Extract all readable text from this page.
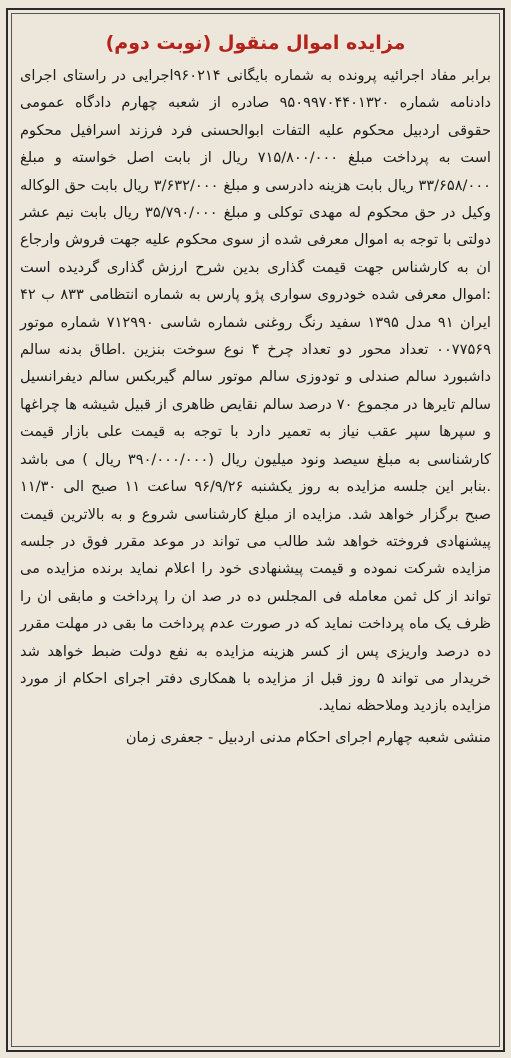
مزایده اموال منقول (نوبت دوم)

برابر مفاد اجرائیه پرونده به شماره بایگانی ۹۶۰۲۱۴اجرایی در راستای اجرای دادنامه شماره ۹۵۰۹۹۷۰۴۴۰۱۳۲۰ صادره از شعبه چهارم دادگاه عمومی حقوقی اردبیل محکوم علیه التفات ابوالحسنی فرد فرزند اسرافیل محکوم است به پرداخت مبلغ ۷۱۵/۸۰۰/۰۰۰ ریال از بابت اصل خواسته و مبلغ ۳۳/۶۵۸/۰۰۰ ریال بابت هزینه دادرسی و مبلغ ۳/۶۳۲/۰۰۰ ریال بابت حق الوکاله وکیل در حق محکوم له مهدی توکلی و مبلغ ۳۵/۷۹۰/۰۰۰ ریال بابت نیم عشر دولتی با توجه به اموال معرفی شده از سوی محکوم علیه جهت فروش وارجاع ان به کارشناس جهت قیمت گذاری بدین شرح ارزش گذاری گردیده است :اموال معرفی شده خودروی سواری پژو پارس به شماره انتظامی ۸۳۳ ب ۴۲ ایران ۹۱ مدل ۱۳۹۵ سفید رنگ روغنی شماره شاسی ۷۱۲۹۹۰ شماره موتور ۰۰۷۷۵۶۹ تعداد محور دو تعداد چرخ ۴ نوع سوخت بنزین .اطاق بدنه سالم داشبورد سالم صندلی و تودوزی سالم موتور سالم گیربکس سالم دیفرانسیل سالم تایرها در مجموع ۷۰ درصد سالم نقایص ظاهری از قبیل شیشه ها چراغها و سپرها سپر عقب نیاز به تعمیر دارد با توجه به قیمت علی بازار قیمت کارشناسی به مبلغ سیصد ونود میلیون ریال (۳۹۰/۰۰۰/۰۰۰ ریال ) می باشد .بنابر این جلسه مزایده به روز یکشنبه ۹۶/۹/۲۶ ساعت ۱۱ صبح الی ۱۱/۳۰ صبح برگزار خواهد شد. مزایده از مبلغ کارشناسی شروع و به بالاترین قیمت پیشنهادی فروخته خواهد شد طالب می تواند در موعد مقرر فوق در جلسه مزایده شرکت نموده و قیمت پیشنهادی خود را اعلام نماید برنده مزایده می تواند از کل ثمن معامله فی المجلس ده در صد ان را پرداخت و مابقی ان را ظرف یک ماه پرداخت نماید که در صورت عدم پرداخت ما بقی در مهلت مقرر ده درصد واریزی پس از کسر هزینه مزایده به نفع دولت ضبط خواهد شد خریدار می تواند ۵ روز قبل از مزایده با همکاری دفتر اجرای احکام از مورد مزایده بازدید وملاحظه نماید.

منشی شعبه چهارم اجرای احکام مدنی اردبیل - جعفری زمان
